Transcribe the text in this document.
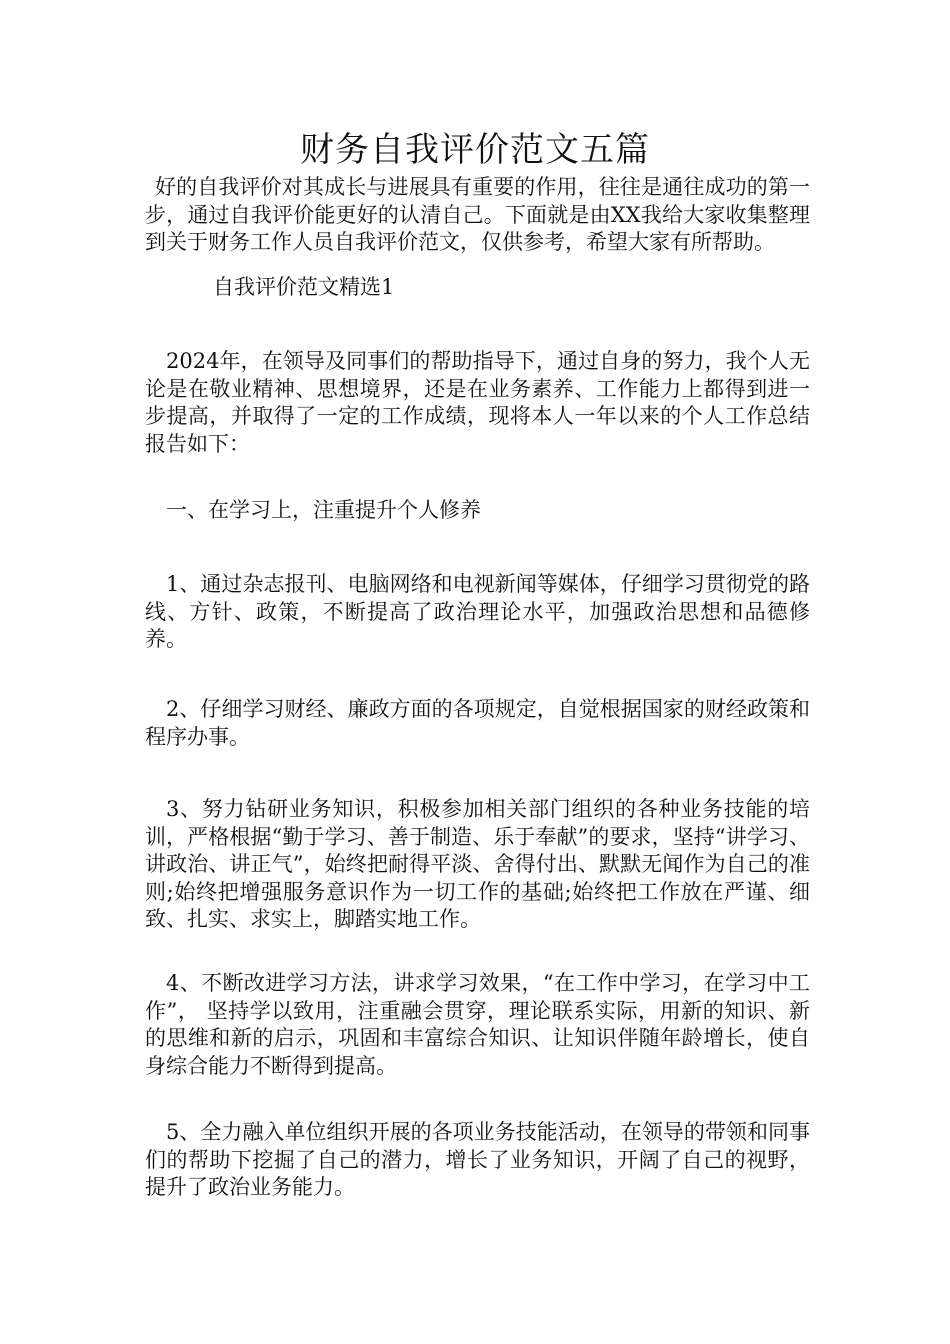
财务自我评价范文五篇

好的自我评价对其成长与进展具有重要的作用，往往是通往成功的第一步，通过自我评价能更好的认清自己。下面就是由XX我给大家收集整理到关于财务工作人员自我评价范文，仅供参考，希望大家有所帮助。

自我评价范文精选1

2024年，在领导及同事们的帮助指导下，通过自身的努力，我个人无论是在敬业精神、思想境界，还是在业务素养、工作能力上都得到进一步提高，并取得了一定的工作成绩，现将本人一年以来的个人工作总结报告如下：

一、在学习上，注重提升个人修养

1、通过杂志报刊、电脑网络和电视新闻等媒体，仔细学习贯彻党的路线、方针、政策，不断提高了政治理论水平，加强政治思想和品德修养。

2、仔细学习财经、廉政方面的各项规定，自觉根据国家的财经政策和程序办事。

3、努力钻研业务知识，积极参加相关部门组织的各种业务技能的培训，严格根据“勤于学习、善于制造、乐于奉献”的要求，坚持“讲学习、讲政治、讲正气”，始终把耐得平淡、舍得付出、默默无闻作为自己的准则;始终把增强服务意识作为一切工作的基础;始终把工作放在严谨、细致、扎实、求实上，脚踏实地工作。

4、不断改进学习方法，讲求学习效果，“在工作中学习，在学习中工作”， 坚持学以致用，注重融会贯穿，理论联系实际，用新的知识、新的思维和新的启示，巩固和丰富综合知识、让知识伴随年龄增长，使自身综合能力不断得到提高。

5、全力融入单位组织开展的各项业务技能活动，在领导的带领和同事们的帮助下挖掘了自己的潜力，增长了业务知识，开阔了自己的视野，提升了政治业务能力。
